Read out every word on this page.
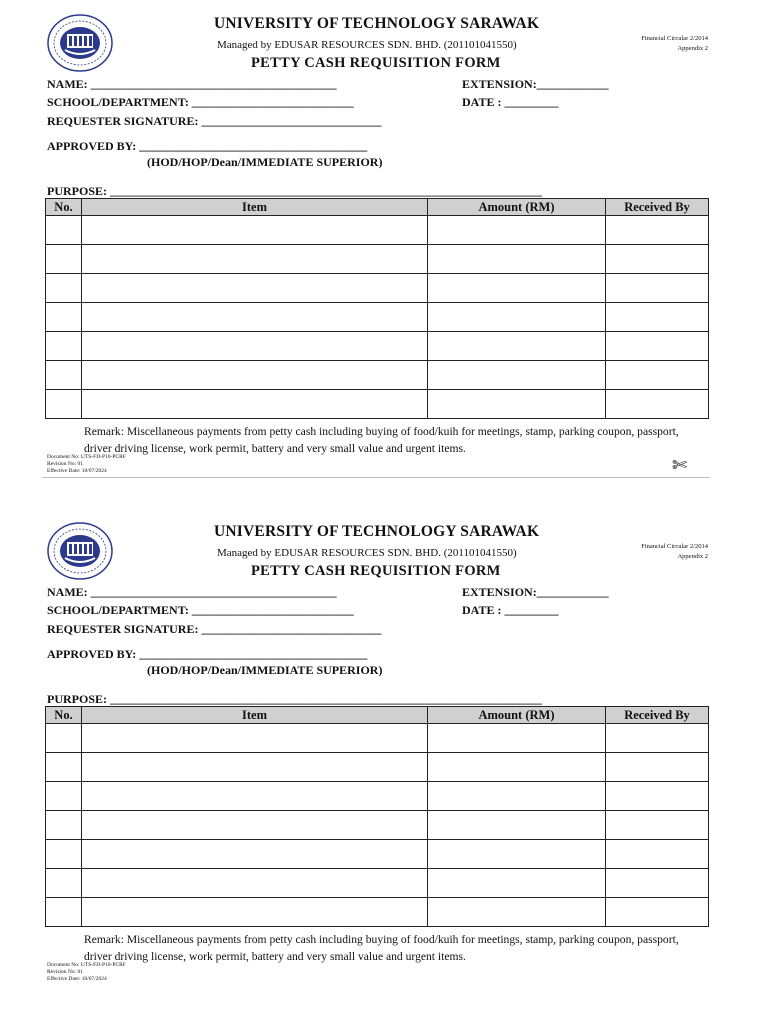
UNIVERSITY OF TECHNOLOGY SARAWAK
Managed by EDUSAR RESOURCES SDN. BHD. (201101041550)
Financial Circular 2/2014
Appendix 2
PETTY CASH REQUISITION FORM
NAME: _________________________________________	EXTENSION:____________
SCHOOL/DEPARTMENT: ___________________________	DATE : _________
REQUESTER SIGNATURE: ______________________________
APPROVED BY: ______________________________________
(HOD/HOP/Dean/IMMEDIATE SUPERIOR)
PURPOSE: ________________________________________________________________________
No.	Item	Amount (RM)	Received By

Remark: Miscellaneous payments from petty cash including buying of food/kuih for meetings, stamp, parking coupon, passport, driver driving license, work permit, battery and very small value and urgent items.
Document No: UTS-FD-P10-PCRF
Revision No: 01
Effective Date: 10/07/2024	✄
UNIVERSITY OF TECHNOLOGY SARAWAK
Managed by EDUSAR RESOURCES SDN. BHD. (201101041550)
Financial Circular 2/2014
Appendix 2
PETTY CASH REQUISITION FORM
NAME: _________________________________________	EXTENSION:____________
SCHOOL/DEPARTMENT: ___________________________	DATE : _________
REQUESTER SIGNATURE: ______________________________
APPROVED BY: ______________________________________
(HOD/HOP/Dean/IMMEDIATE SUPERIOR)
PURPOSE: ________________________________________________________________________
No.	Item	Amount (RM)	Received By

Remark: Miscellaneous payments from petty cash including buying of food/kuih for meetings, stamp, parking coupon, passport, driver driving license, work permit, battery and very small value and urgent items.
Document No: UTS-FD-P10-PCRF
Revision No: 01
Effective Date: 10/07/2024
